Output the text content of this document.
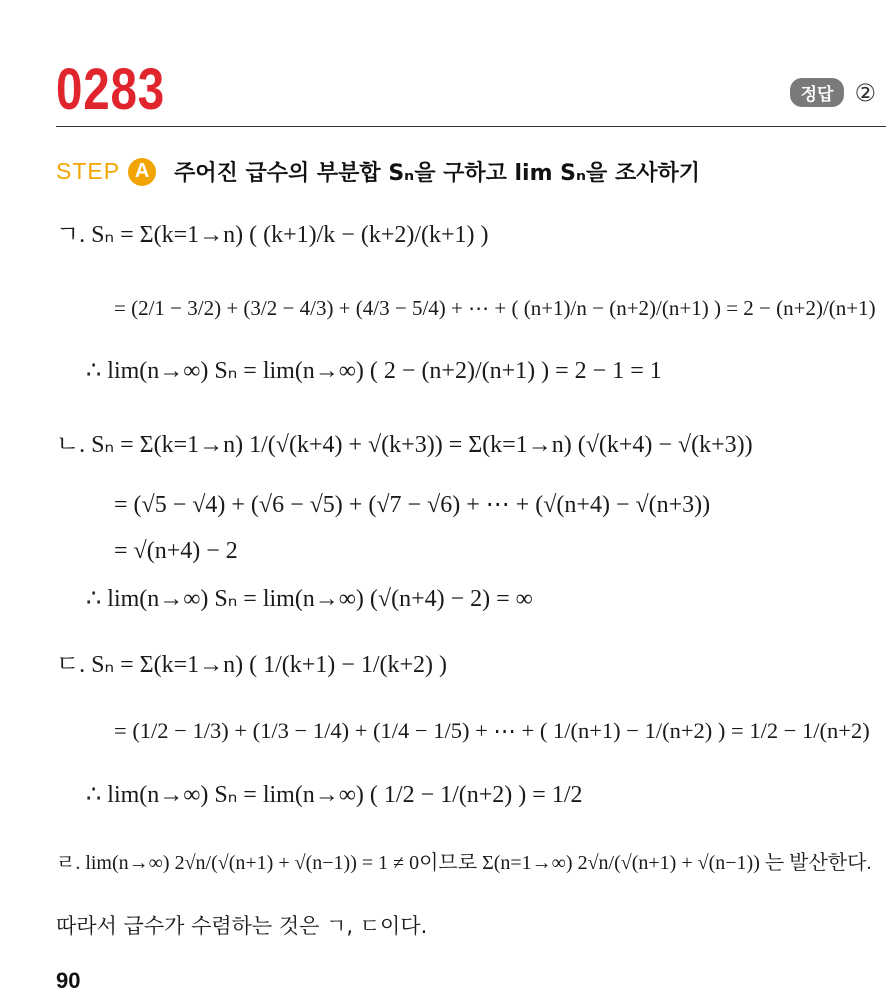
0283	정답 ②
STEP A	주어진 급수의 부분합 Sₙ을 구하고 lim Sₙ을 조사하기
ㄱ. Sₙ = Σ(k=1→n) ( (k+1)/k − (k+2)/(k+1) )
= (2/1 − 3/2) + (3/2 − 4/3) + (4/3 − 5/4) + ⋯ + ( (n+1)/n − (n+2)/(n+1) ) = 2 − (n+2)/(n+1)
∴ lim(n→∞) Sₙ = lim(n→∞) ( 2 − (n+2)/(n+1) ) = 2 − 1 = 1
ㄴ. Sₙ = Σ(k=1→n) 1/(√(k+4) + √(k+3)) = Σ(k=1→n) (√(k+4) − √(k+3))
= (√5 − √4) + (√6 − √5) + (√7 − √6) + ⋯ + (√(n+4) − √(n+3))
= √(n+4) − 2
∴ lim(n→∞) Sₙ = lim(n→∞) (√(n+4) − 2) = ∞
ㄷ. Sₙ = Σ(k=1→n) ( 1/(k+1) − 1/(k+2) )
= (1/2 − 1/3) + (1/3 − 1/4) + (1/4 − 1/5) + ⋯ + ( 1/(n+1) − 1/(n+2) ) = 1/2 − 1/(n+2)
∴ lim(n→∞) Sₙ = lim(n→∞) ( 1/2 − 1/(n+2) ) = 1/2
ㄹ. lim(n→∞) 2√n/(√(n+1) + √(n−1)) = 1 ≠ 0이므로 Σ(n=1→∞) 2√n/(√(n+1) + √(n−1)) 는 발산한다.
따라서 급수가 수렴하는 것은 ㄱ, ㄷ이다.
90
